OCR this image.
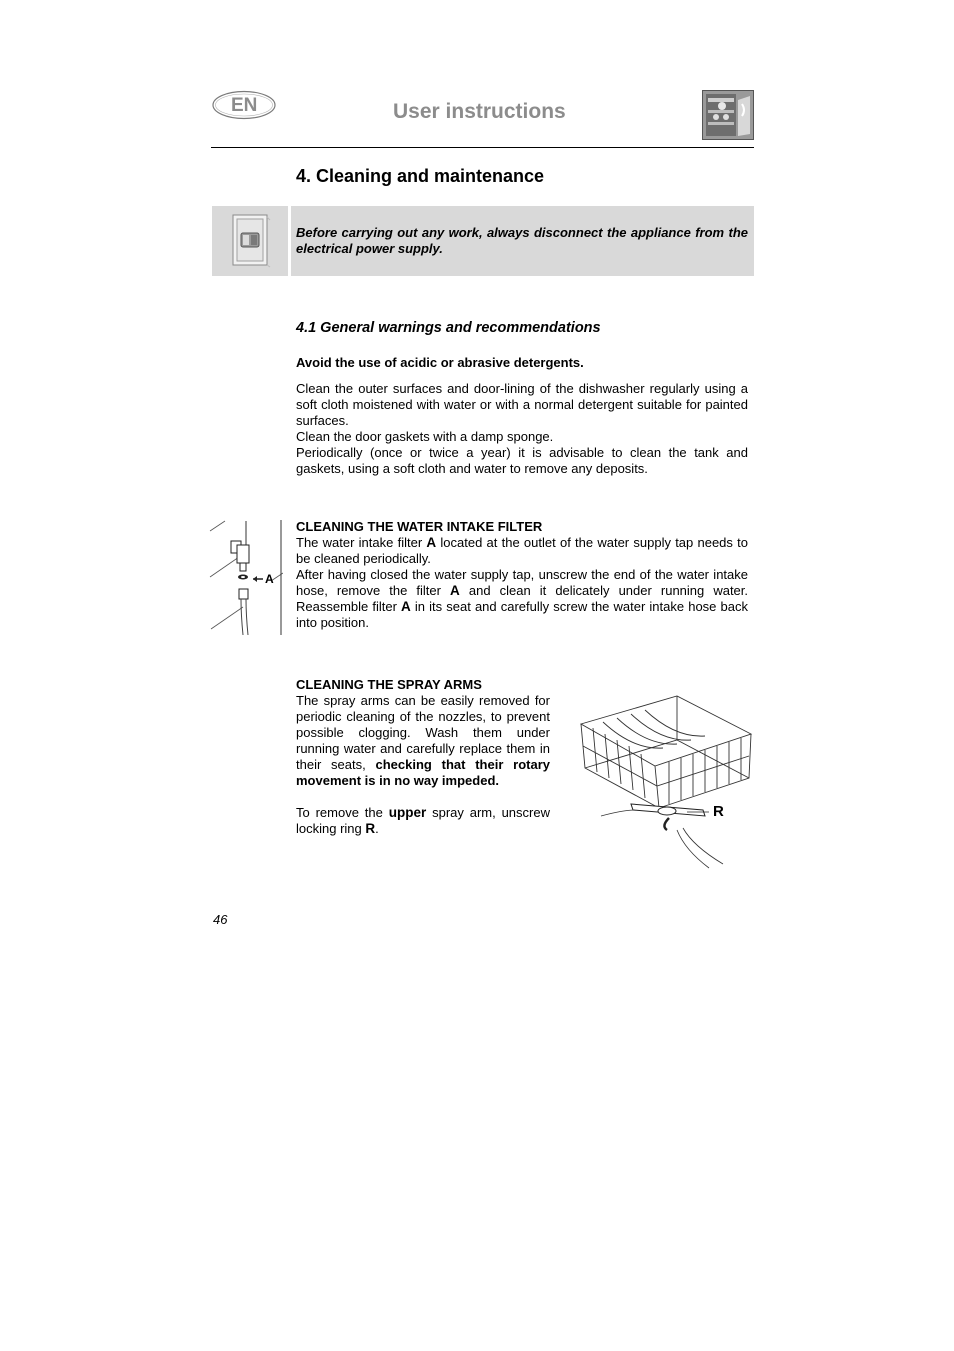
EN	User instructions
4. Cleaning and maintenance
Before carrying out any work, always disconnect the appliance from the electrical power supply.
4.1 General warnings and recommendations
Avoid the use of acidic or abrasive detergents.

Clean the outer surfaces and door-lining of the dishwasher regularly using a soft cloth moistened with water or with a normal detergent suitable for painted surfaces.

Clean the door gaskets with a damp sponge.

Periodically (once or twice a year) it is advisable to clean the tank and gaskets, using a soft cloth and water to remove any deposits.

A

CLEANING THE WATER INTAKE FILTER

The water intake filter A located at the outlet of the water supply tap needs to be cleaned periodically.

After having closed the water supply tap, unscrew the end of the water intake hose, remove the filter A and clean it delicately under running water. Reassemble filter A in its seat and carefully screw the water intake hose back into position.

CLEANING THE SPRAY ARMS

The spray arms can be easily removed for periodic cleaning of the nozzles, to prevent possible clogging. Wash them under running water and carefully replace them in their seats, checking that their rotary movement is in no way impeded.

To remove the upper spray arm, unscrew locking ring R.

R
46
